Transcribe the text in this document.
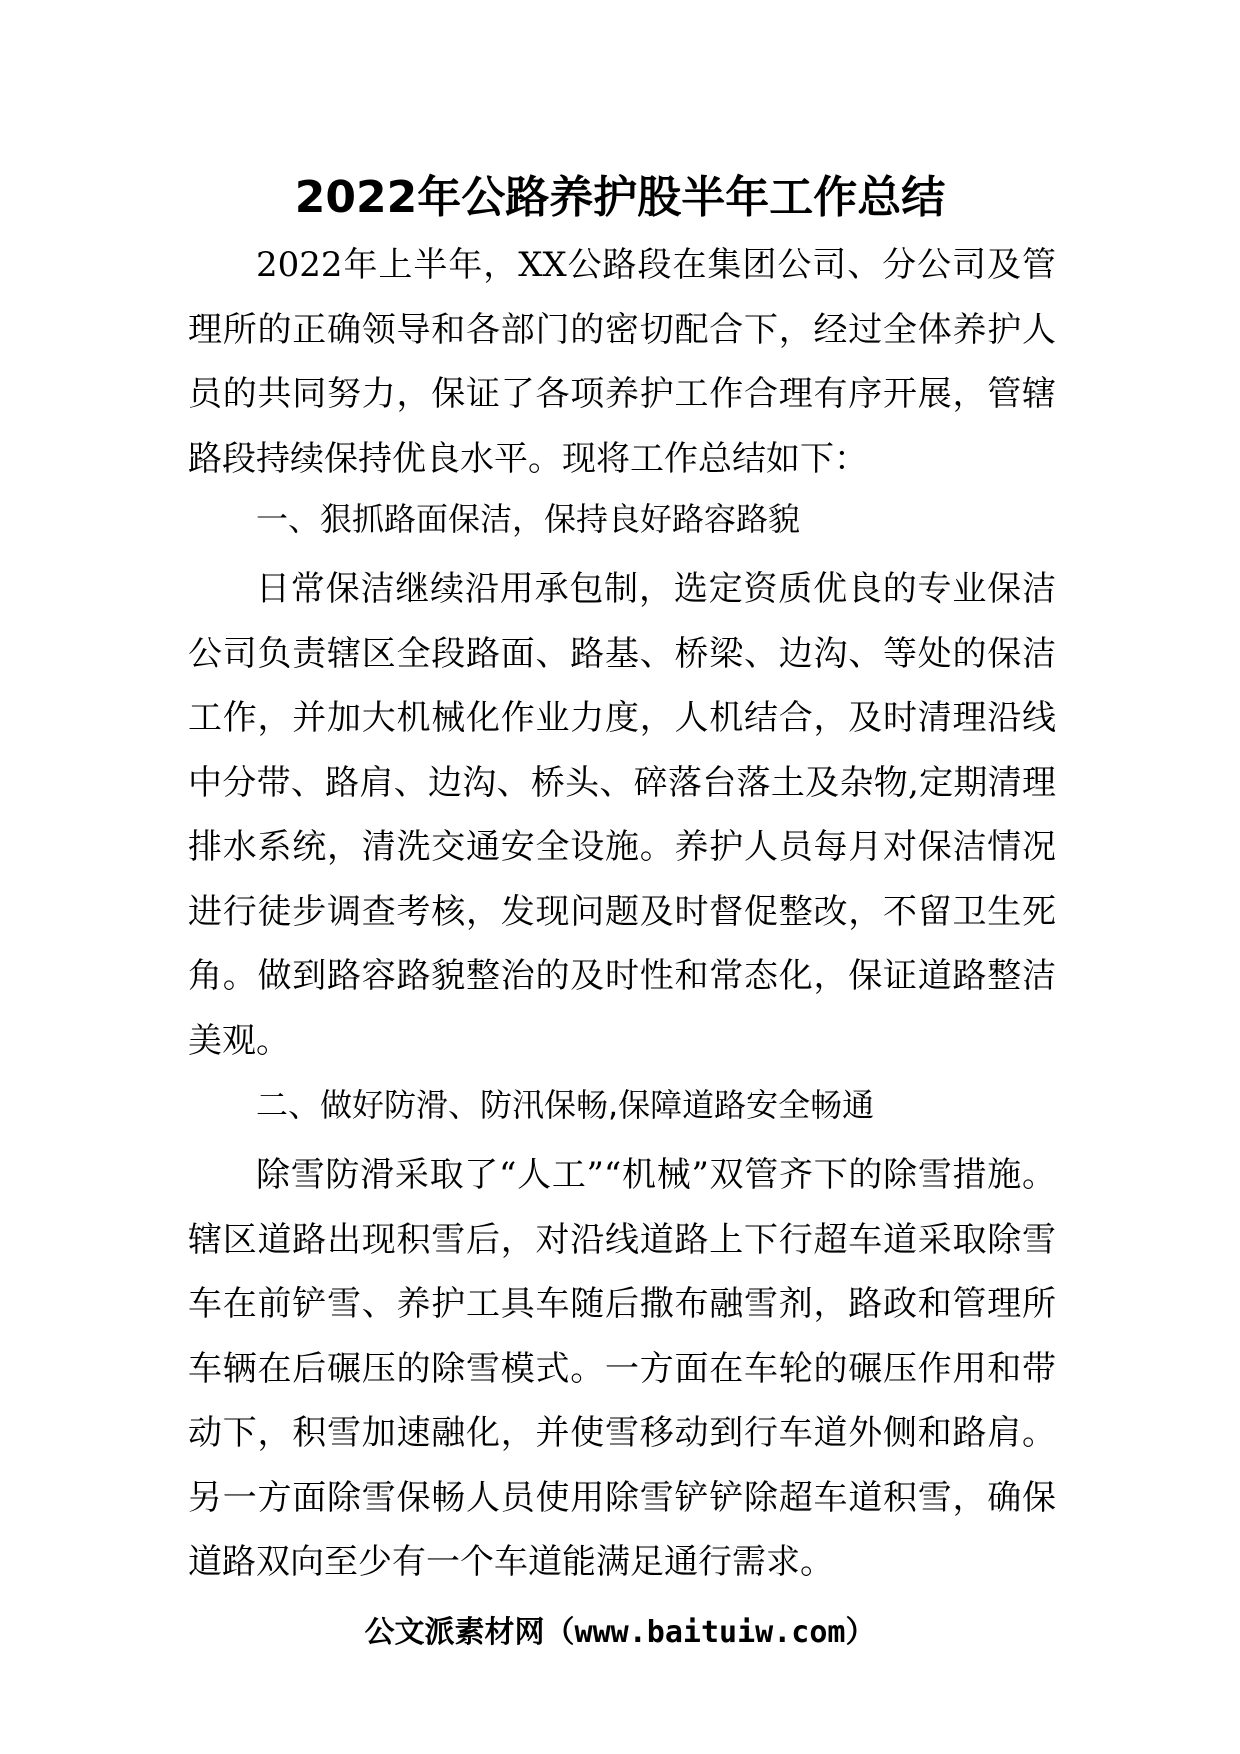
2022年公路养护股半年工作总结

2022年上半年，XX公路段在集团公司、分公司及管理所的正确领导和各部门的密切配合下，经过全体养护人员的共同努力，保证了各项养护工作合理有序开展，管辖路段持续保持优良水平。现将工作总结如下：

一、狠抓路面保洁，保持良好路容路貌

日常保洁继续沿用承包制，选定资质优良的专业保洁公司负责辖区全段路面、路基、桥梁、边沟、等处的保洁工作，并加大机械化作业力度，人机结合，及时清理沿线中分带、路肩、边沟、桥头、碎落台落土及杂物,定期清理排水系统，清洗交通安全设施。养护人员每月对保洁情况进行徒步调查考核，发现问题及时督促整改，不留卫生死角。做到路容路貌整治的及时性和常态化，保证道路整洁美观。

二、做好防滑、防汛保畅,保障道路安全畅通

除雪防滑采取了“人工”“机械”双管齐下的除雪措施。辖区道路出现积雪后，对沿线道路上下行超车道采取除雪车在前铲雪、养护工具车随后撒布融雪剂，路政和管理所车辆在后碾压的除雪模式。一方面在车轮的碾压作用和带动下，积雪加速融化，并使雪移动到行车道外侧和路肩。另一方面除雪保畅人员使用除雪铲铲除超车道积雪，确保道路双向至少有一个车道能满足通行需求。

公文派素材网（www.baituiw.com）
